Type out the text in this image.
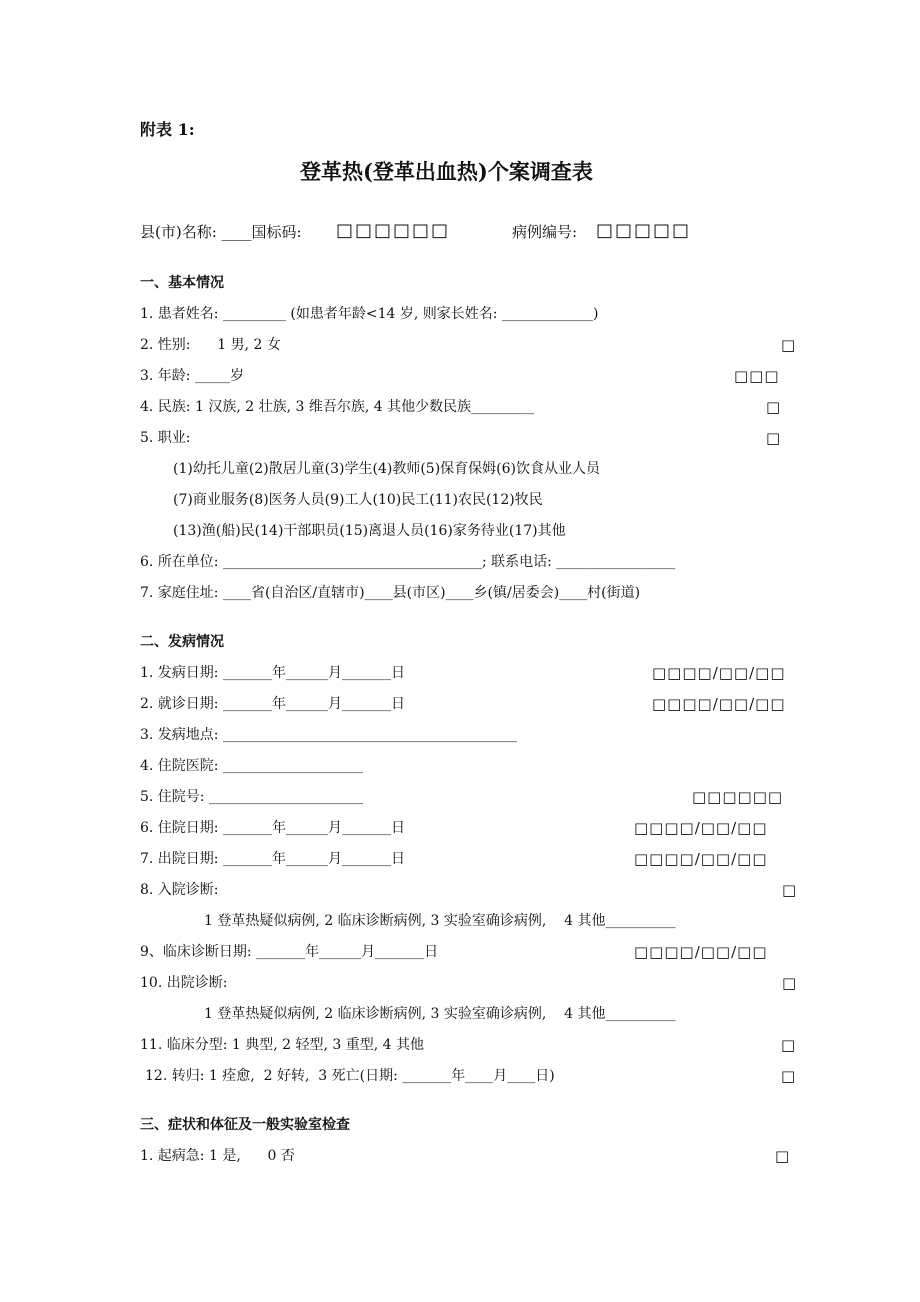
附表 1:
登革热(登革出血热)个案调查表
县(市)名称: ____国标码: □□□□□□	病例编号: □□□□□
一、基本情况
1. 患者姓名: _________ (如患者年龄<14 岁, 则家长姓名: _____________)
2. 性别:      1 男, 2 女	□
3. 年龄: _____岁	□□□
4. 民族: 1 汉族, 2 壮族, 3 维吾尔族, 4 其他少数民族_________	□
5. 职业:	□
(1)幼托儿童(2)散居儿童(3)学生(4)教师(5)保育保姆(6)饮食从业人员
(7)商业服务(8)医务人员(9)工人(10)民工(11)农民(12)牧民
(13)渔(船)民(14)干部职员(15)离退人员(16)家务待业(17)其他
6. 所在单位: _____________________________________; 联系电话: _________________
7. 家庭住址: ____省(自治区/直辖市)____县(市区)____乡(镇/居委会)____村(街道)
二、发病情况
1. 发病日期: _______年______月_______日	□□□□/□□/□□
2. 就诊日期: _______年______月_______日	□□□□/□□/□□
3. 发病地点: __________________________________________
4. 住院医院: ____________________
5. 住院号: ______________________	□□□□□□
6. 住院日期: _______年______月_______日	□□□□/□□/□□
7. 出院日期: _______年______月_______日	□□□□/□□/□□
8. 入院诊断:	□
1 登革热疑似病例, 2 临床诊断病例, 3 实验室确诊病例,    4 其他__________
9、临床诊断日期: _______年______月_______日	□□□□/□□/□□
10. 出院诊断:	□
1 登革热疑似病例, 2 临床诊断病例, 3 实验室确诊病例,    4 其他__________
11. 临床分型: 1 典型, 2 轻型, 3 重型, 4 其他	□
12. 转归: 1 痊愈,  2 好转,  3 死亡(日期: _______年____月____日)	□
三、症状和体征及一般实验室检查
1. 起病急: 1 是,      0 否	□
